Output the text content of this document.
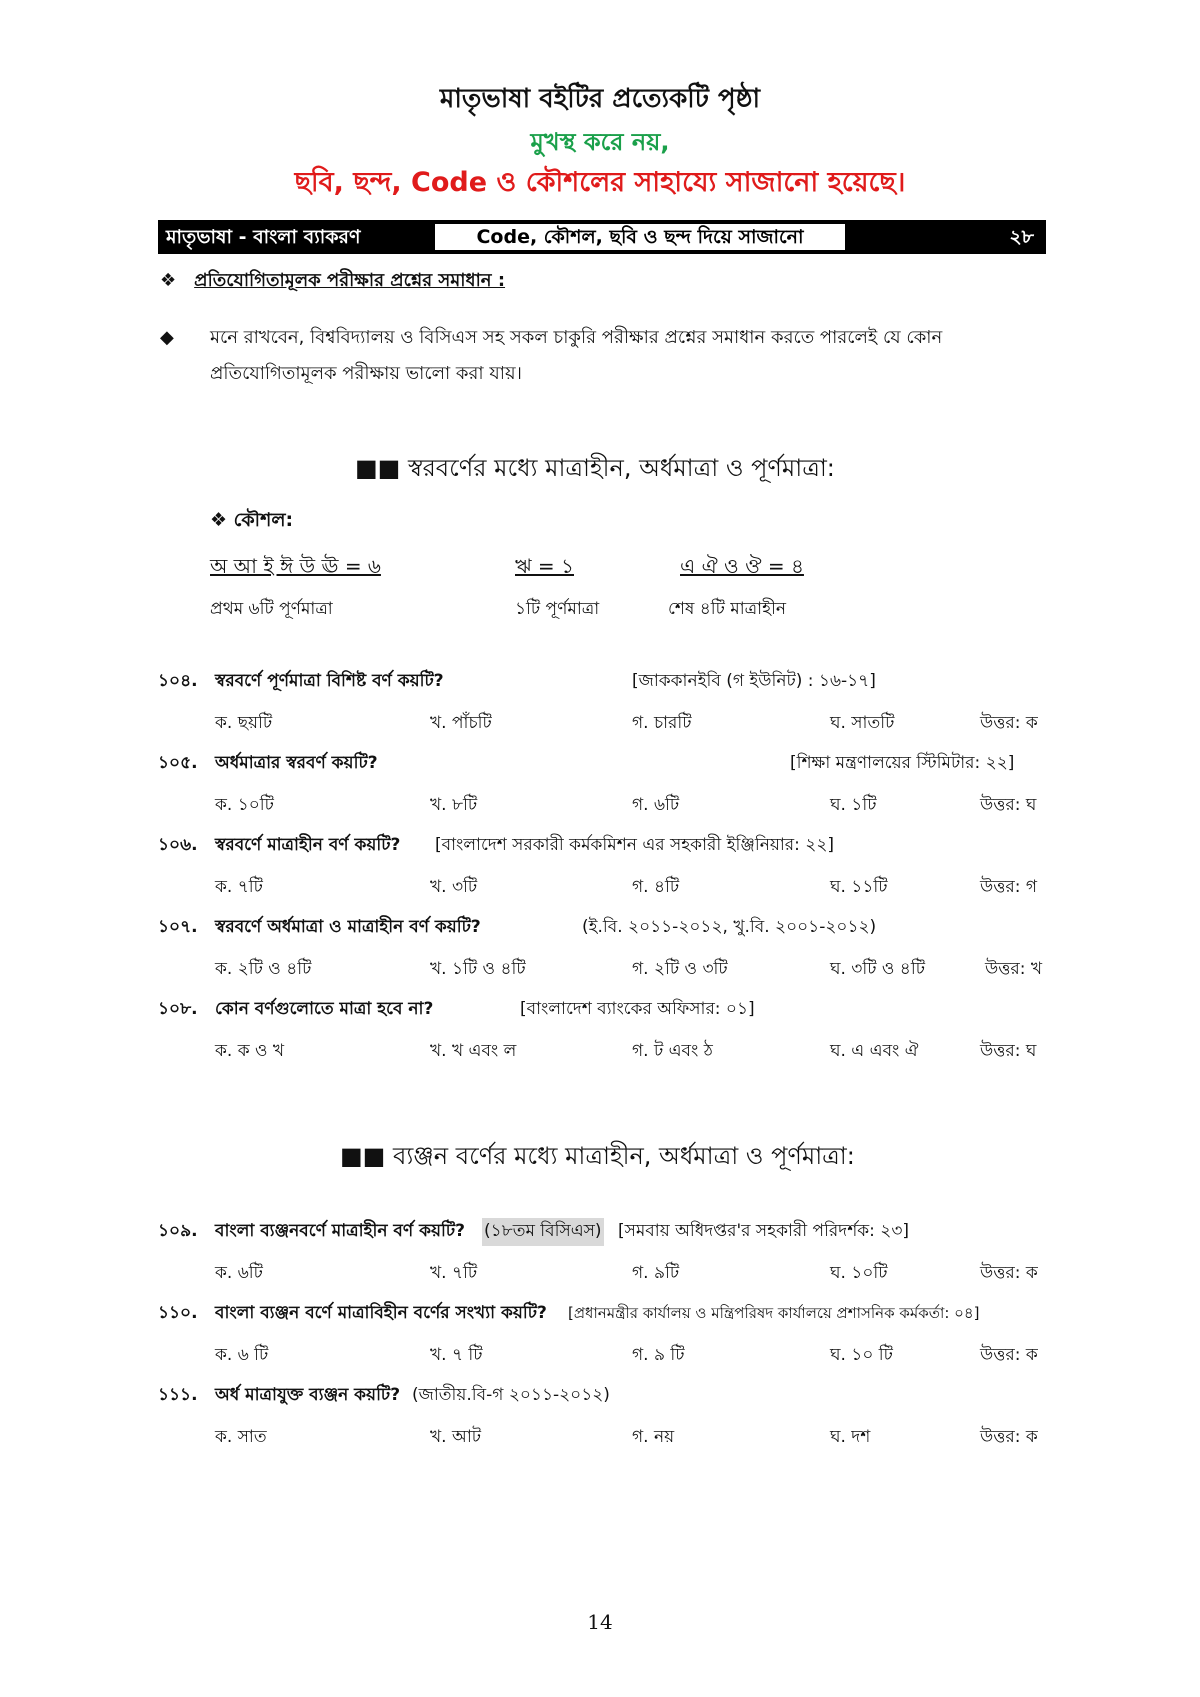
মাতৃভাষা বইটির প্রত্যেকটি পৃষ্ঠা
মুখস্থ করে নয়,
ছবি, ছন্দ, Code ও কৌশলের সাহায্যে সাজানো হয়েছে।
মাতৃভাষা - বাংলা ব্যাকরণ	Code, কৌশল, ছবি ও ছন্দ দিয়ে সাজানো	২৮
❖ প্রতিযোগিতামূলক পরীক্ষার প্রশ্নের সমাধান :
◆ মনে রাখবেন, বিশ্ববিদ্যালয় ও বিসিএস সহ সকল চাকুরি পরীক্ষার প্রশ্নের সমাধান করতে পারলেই যে কোন প্রতিযোগিতামূলক পরীক্ষায় ভালো করা যায়।
■■ স্বরবর্ণের মধ্যে মাত্রাহীন, অর্ধমাত্রা ও পূর্ণমাত্রা:
❖ কৌশল:
অ আ ই ঈ উ ঊ = ৬	ঋ = ১	এ ঐ ও ঔ = ৪
প্রথম ৬টি পূর্ণমাত্রা	১টি পূর্ণমাত্রা	শেষ ৪টি মাত্রাহীন
১০৪. স্বরবর্ণে পূর্ণমাত্রা বিশিষ্ট বর্ণ কয়টি?	[জাককানইবি (গ ইউনিট) : ১৬-১৭]
ক. ছয়টি	খ. পাঁচটি	গ. চারটি	ঘ. সাতটি	উত্তর: ক
১০৫. অর্ধমাত্রার স্বরবর্ণ কয়টি?	[শিক্ষা মন্ত্রণালয়ের স্টিমিটার: ২২]
ক. ১০টি	খ. ৮টি	গ. ৬টি	ঘ. ১টি	উত্তর: ঘ
১০৬. স্বরবর্ণে মাত্রাহীন বর্ণ কয়টি? [বাংলাদেশ সরকারী কর্মকমিশন এর সহকারী ইঞ্জিনিয়ার: ২২]
ক. ৭টি	খ. ৩টি	গ. ৪টি	ঘ. ১১টি	উত্তর: গ
১০৭. স্বরবর্ণে অর্ধমাত্রা ও মাত্রাহীন বর্ণ কয়টি?	(ই.বি. ২০১১-২০১২, খু.বি. ২০০১-২০১২)
ক. ২টি ও ৪টি	খ. ১টি ও ৪টি	গ. ২টি ও ৩টি	ঘ. ৩টি ও ৪টি	উত্তর: খ
১০৮. কোন বর্ণগুলোতে মাত্রা হবে না?	[বাংলাদেশ ব্যাংকের অফিসার: ০১]
ক. ক ও খ	খ. খ এবং ল	গ. ট এবং ঠ	ঘ. এ এবং ঐ	উত্তর: ঘ
■■ ব্যঞ্জন বর্ণের মধ্যে মাত্রাহীন, অর্ধমাত্রা ও পূর্ণমাত্রা:
১০৯. বাংলা ব্যঞ্জনবর্ণে মাত্রাহীন বর্ণ কয়টি? (১৮তম বিসিএস) [সমবায় অধিদপ্তর'র সহকারী পরিদর্শক: ২৩]
ক. ৬টি	খ. ৭টি	গ. ৯টি	ঘ. ১০টি	উত্তর: ক
১১০. বাংলা ব্যঞ্জন বর্ণে মাত্রাবিহীন বর্ণের সংখ্যা কয়টি? [প্রধানমন্ত্রীর কার্যালয় ও মন্ত্রিপরিষদ কার্যালয়ে প্রশাসনিক কর্মকর্তা: ০৪]
ক. ৬ টি	খ. ৭ টি	গ. ৯ টি	ঘ. ১০ টি	উত্তর: ক
১১১. অর্ধ মাত্রাযুক্ত ব্যঞ্জন কয়টি? (জাতীয়.বি-গ ২০১১-২০১২)
ক. সাত	খ. আট	গ. নয়	ঘ. দশ	উত্তর: ক
14
